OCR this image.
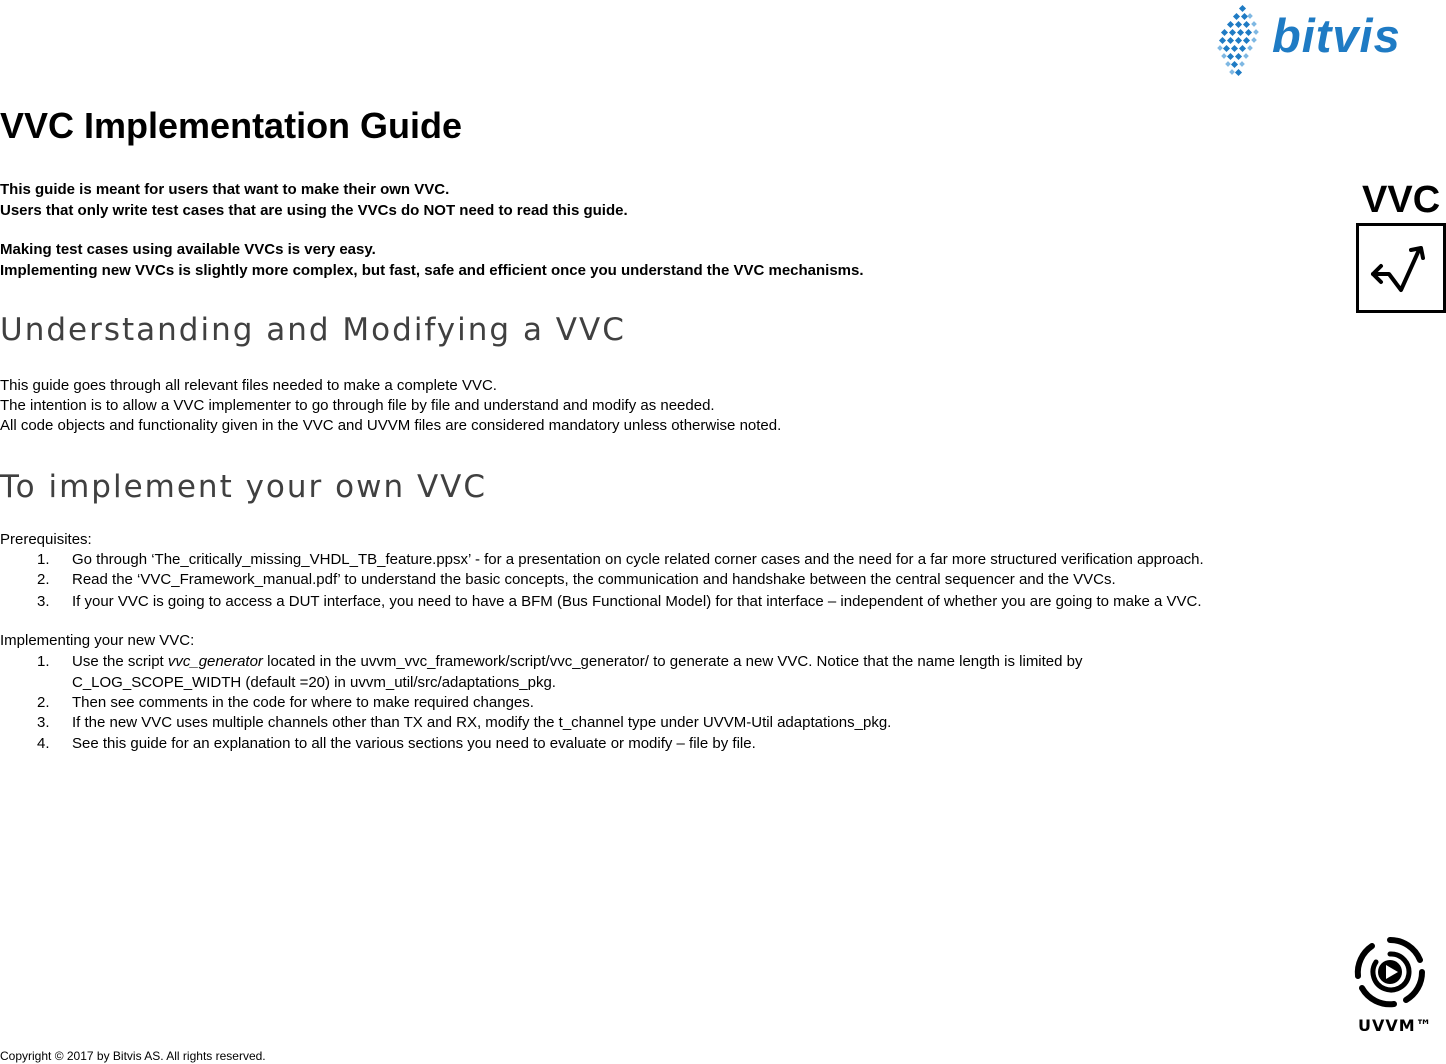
bitvis
VVC Implementation Guide
This guide is meant for users that want to make their own VVC.
Users that only write test cases that are using the VVCs do NOT need to read this guide.
Making test cases using available VVCs is very easy.
Implementing new VVCs is slightly more complex, but fast, safe and efficient once you understand the VVC mechanisms.
VVC
Understanding and Modifying a VVC
This guide goes through all relevant files needed to make a complete VVC.
The intention is to allow a VVC implementer to go through file by file and understand and modify as needed.
All code objects and functionality given in the VVC and UVVM files are considered mandatory unless otherwise noted.
To implement your own VVC
Prerequisites:
1. Go through ‘The_critically_missing_VHDL_TB_feature.ppsx’ - for a presentation on cycle related corner cases and the need for a far more structured verification approach.
2. Read the ‘VVC_Framework_manual.pdf’ to understand the basic concepts, the communication and handshake between the central sequencer and the VVCs.
3. If your VVC is going to access a DUT interface, you need to have a BFM (Bus Functional Model) for that interface – independent of whether you are going to make a VVC.
Implementing your new VVC:
1. Use the script vvc_generator located in the uvvm_vvc_framework/script/vvc_generator/ to generate a new VVC. Notice that the name length is limited by
C_LOG_SCOPE_WIDTH (default =20) in uvvm_util/src/adaptations_pkg.
2. Then see comments in the code for where to make required changes.
3. If the new VVC uses multiple channels other than TX and RX, modify the t_channel type under UVVM-Util adaptations_pkg.
4. See this guide for an explanation to all the various sections you need to evaluate or modify – file by file.
UVVM™
Copyright © 2017 by Bitvis AS. All rights reserved.
